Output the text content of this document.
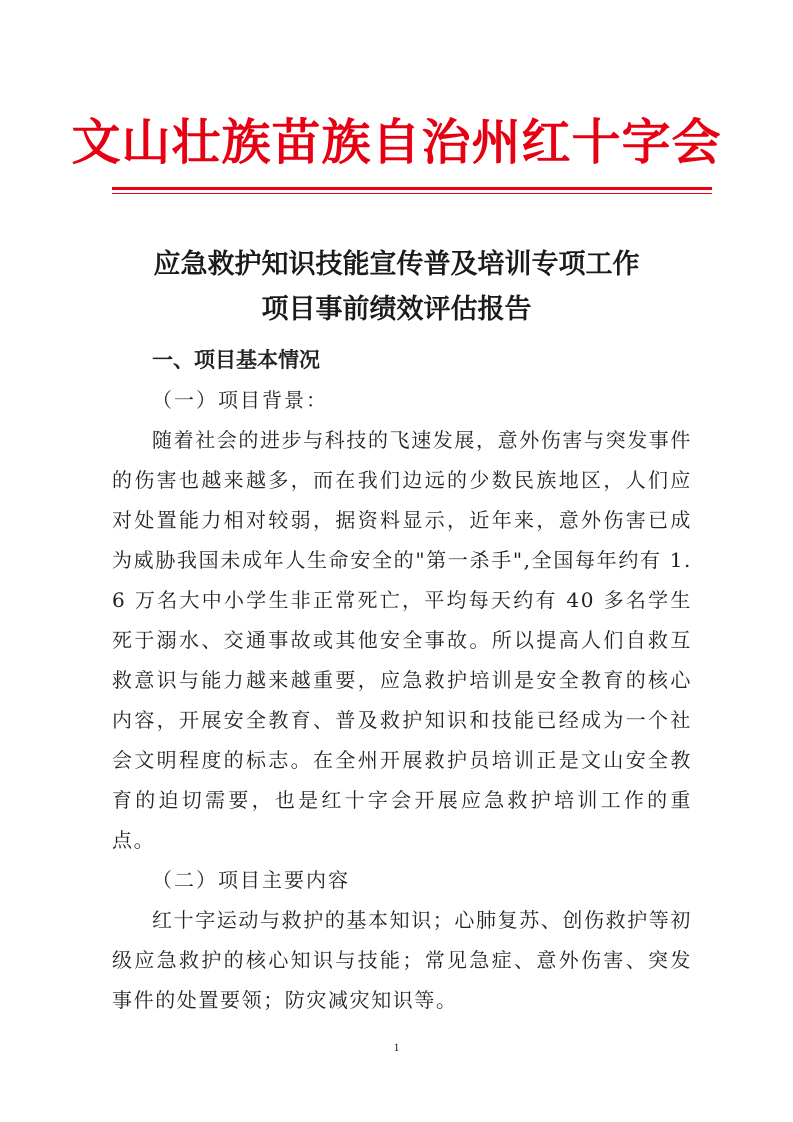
文山壮族苗族自治州红十字会
应急救护知识技能宣传普及培训专项工作
项目事前绩效评估报告

一、项目基本情况

（一）项目背景：

随着社会的进步与科技的飞速发展，意外伤害与突发事件的伤害也越来越多，而在我们边远的少数民族地区，人们应对处置能力相对较弱，据资料显示，近年来，意外伤害已成为威胁我国未成年人生命安全的"第一杀手",全国每年约有 1.6 万名大中小学生非正常死亡，平均每天约有 40 多名学生死于溺水、交通事故或其他安全事故。所以提高人们自救互救意识与能力越来越重要，应急救护培训是安全教育的核心内容，开展安全教育、普及救护知识和技能已经成为一个社会文明程度的标志。在全州开展救护员培训正是文山安全教育的迫切需要，也是红十字会开展应急救护培训工作的重点。

（二）项目主要内容

红十字运动与救护的基本知识；心肺复苏、创伤救护等初级应急救护的核心知识与技能；常见急症、意外伤害、突发事件的处置要领；防灾减灾知识等。

1
